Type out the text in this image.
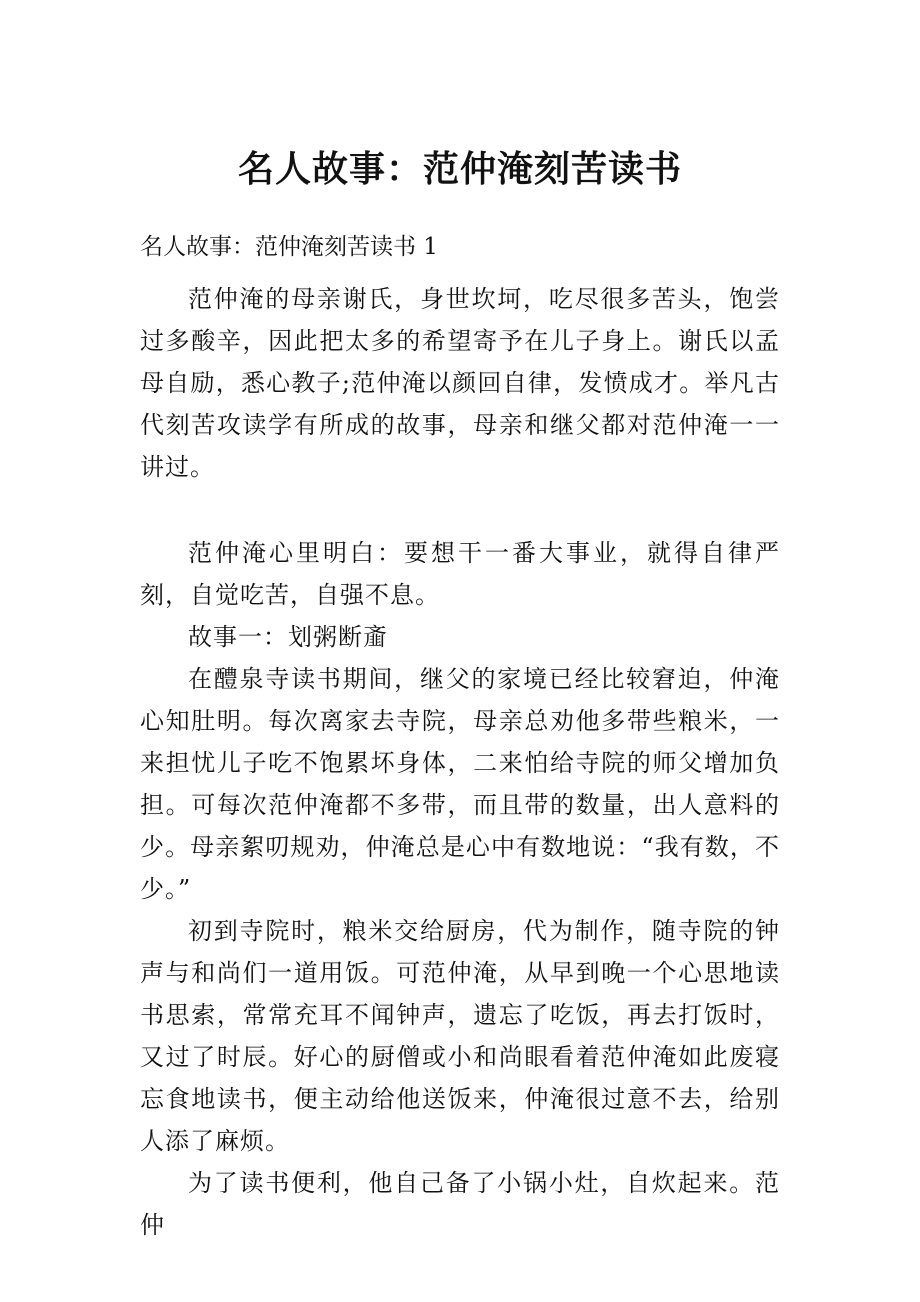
名人故事：范仲淹刻苦读书

名人故事：范仲淹刻苦读书 1

范仲淹的母亲谢氏，身世坎坷，吃尽很多苦头，饱尝过多酸辛，因此把太多的希望寄予在儿子身上。谢氏以孟母自励，悉心教子;范仲淹以颜回自律，发愤成才。举凡古代刻苦攻读学有所成的故事，母亲和继父都对范仲淹一一讲过。

范仲淹心里明白：要想干一番大事业，就得自律严刻，自觉吃苦，自强不息。

故事一：划粥断齑

在醴泉寺读书期间，继父的家境已经比较窘迫，仲淹心知肚明。每次离家去寺院，母亲总劝他多带些粮米，一来担忧儿子吃不饱累坏身体，二来怕给寺院的师父增加负担。可每次范仲淹都不多带，而且带的数量，出人意料的少。母亲絮叨规劝，仲淹总是心中有数地说：“我有数，不少。”

初到寺院时，粮米交给厨房，代为制作，随寺院的钟声与和尚们一道用饭。可范仲淹，从早到晚一个心思地读书思索，常常充耳不闻钟声，遗忘了吃饭，再去打饭时，又过了时辰。好心的厨僧或小和尚眼看着范仲淹如此废寝忘食地读书，便主动给他送饭来，仲淹很过意不去，给别人添了麻烦。

为了读书便利，他自己备了小锅小灶，自炊起来。范仲
